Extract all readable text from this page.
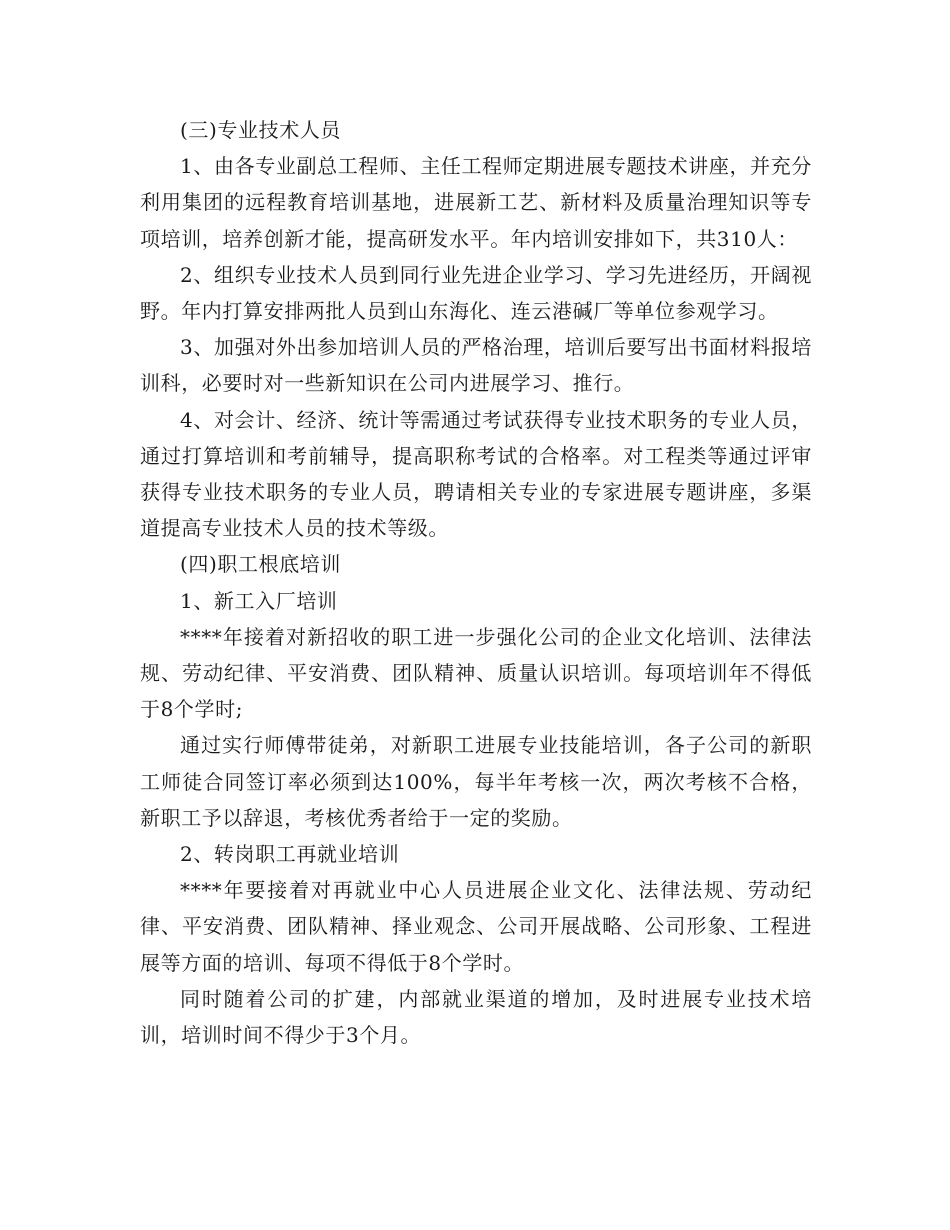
(三)专业技术人员

1、由各专业副总工程师、主任工程师定期进展专题技术讲座，并充分利用集团的远程教育培训基地，进展新工艺、新材料及质量治理知识等专项培训，培养创新才能，提高研发水平。年内培训安排如下，共310人：

2、组织专业技术人员到同行业先进企业学习、学习先进经历，开阔视野。年内打算安排两批人员到山东海化、连云港碱厂等单位参观学习。

3、加强对外出参加培训人员的严格治理，培训后要写出书面材料报培训科，必要时对一些新知识在公司内进展学习、推行。

4、对会计、经济、统计等需通过考试获得专业技术职务的专业人员，通过打算培训和考前辅导，提高职称考试的合格率。对工程类等通过评审获得专业技术职务的专业人员，聘请相关专业的专家进展专题讲座，多渠道提高专业技术人员的技术等级。

(四)职工根底培训

1、新工入厂培训

****年接着对新招收的职工进一步强化公司的企业文化培训、法律法规、劳动纪律、平安消费、团队精神、质量认识培训。每项培训年不得低于8个学时;

通过实行师傅带徒弟，对新职工进展专业技能培训，各子公司的新职工师徒合同签订率必须到达100%，每半年考核一次，两次考核不合格，新职工予以辞退，考核优秀者给于一定的奖励。

2、转岗职工再就业培训

****年要接着对再就业中心人员进展企业文化、法律法规、劳动纪律、平安消费、团队精神、择业观念、公司开展战略、公司形象、工程进展等方面的培训、每项不得低于8个学时。

同时随着公司的扩建，内部就业渠道的增加，及时进展专业技术培训，培训时间不得少于3个月。
